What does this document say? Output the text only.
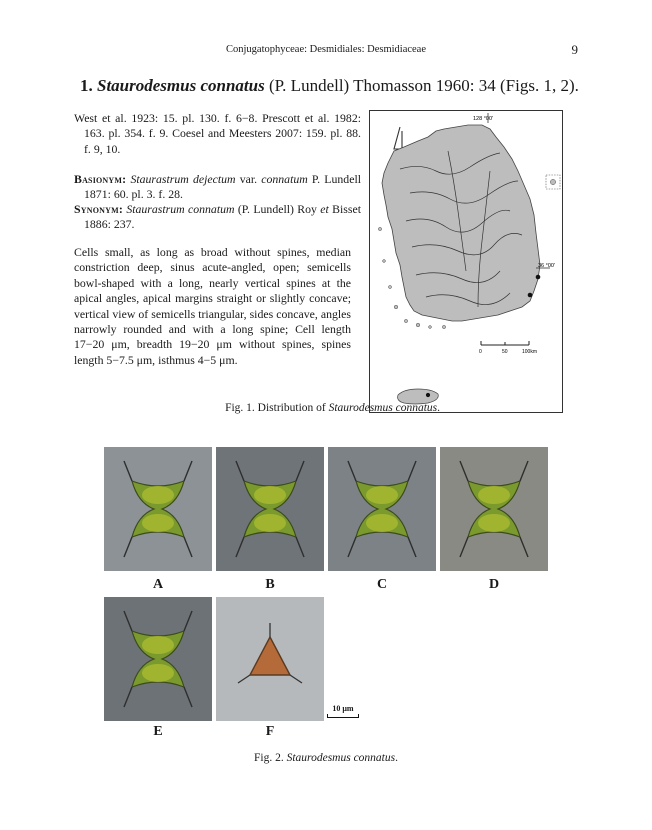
Conjugatophyceae: Desmidiales: Desmidiaceae	9
1. Staurodesmus connatus (P. Lundell) Thomasson 1960: 34 (Figs. 1, 2).
West et al. 1923: 15. pl. 130. f. 6−8. Prescott et al. 1982: 163. pl. 354. f. 9. Coesel and Meesters 2007: 159. pl. 88. f. 9, 10.
Basionym: Staurastrum dejectum var. connatum P. Lundell 1871: 60. pl. 3. f. 28.
Synonym: Staurastrum connatum (P. Lundell) Roy et Bisset 1886: 237.
Cells small, as long as broad without spines, median constriction deep, sinus acute-angled, open; semicells bowl-shaped with a long, nearly vertical spines at the apical angles, apical margins straight or slightly concave; vertical view of semicells triangular, sides concave, angles narrowly rounded and with a long spine; Cell length 17−20 μm, breadth 19−20 μm without spines, spines length 5−7.5 μm, isthmus 4−5 μm.
128 °00'
36 °00'
0	50	100km
Fig. 1. Distribution of Staurodesmus connatus.
A	B	C	D
E	F
10 μm
Fig. 2. Staurodesmus connatus.
